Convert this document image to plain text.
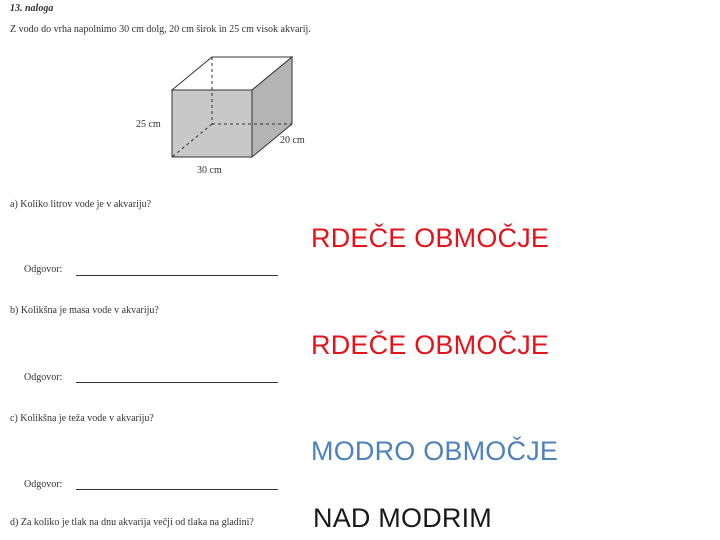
13. naloga
Z vodo do vrha napolnimo 30 cm dolg, 20 cm širok in 25 cm visok akvarij.
25 cm
20 cm
30 cm
a) Koliko litrov vode je v akvariju?
Odgovor:
b) Kolikšna je masa vode v akvariju?
Odgovor:
c) Kolikšna je teža vode v akvariju?
Odgovor:
d) Za koliko je tlak na dnu akvarija večji od tlaka na gladini?
RDEČE OBMOČJE
RDEČE OBMOČJE
MODRO OBMOČJE
NAD MODRIM
